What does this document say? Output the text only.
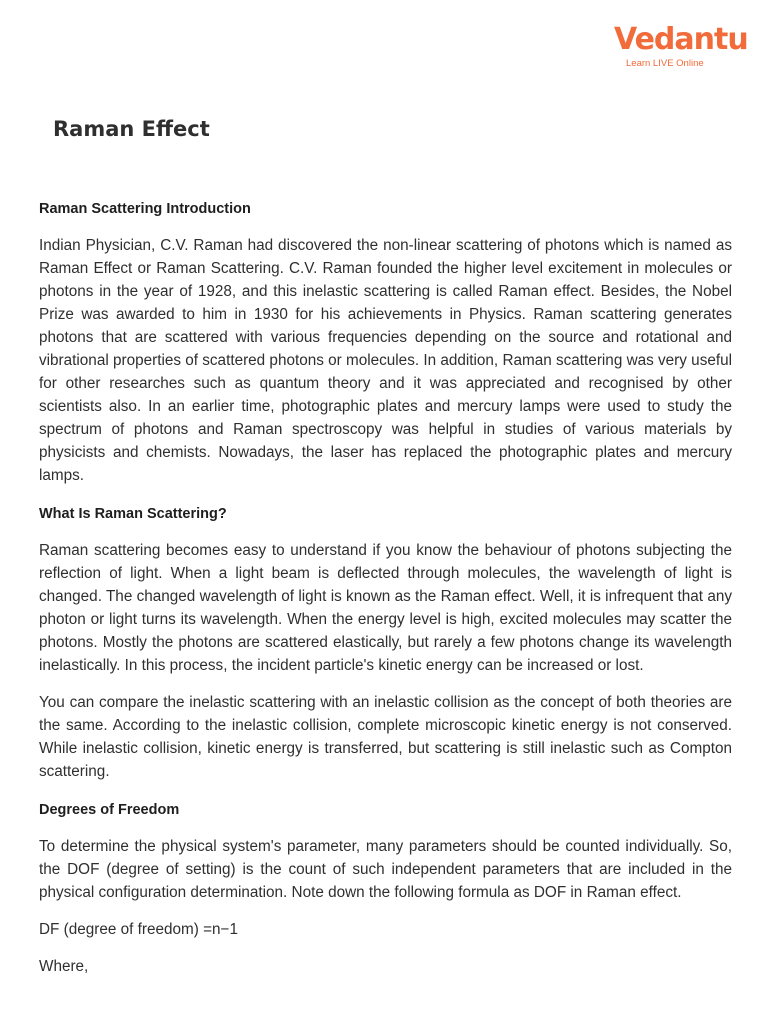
Vedantu
Learn LIVE Online
Raman Effect
Raman Scattering Introduction

Indian Physician, C.V. Raman had discovered the non-linear scattering of photons which is named as Raman Effect or Raman Scattering. C.V. Raman founded the higher level excitement in molecules or photons in the year of 1928, and this inelastic scattering is called Raman effect. Besides, the Nobel Prize was awarded to him in 1930 for his achievements in Physics. Raman scattering generates photons that are scattered with various frequencies depending on the source and rotational and vibrational properties of scattered photons or molecules. In addition, Raman scattering was very useful for other researches such as quantum theory and it was appreciated and recognised by other scientists also. In an earlier time, photographic plates and mercury lamps were used to study the spectrum of photons and Raman spectroscopy was helpful in studies of various materials by physicists and chemists. Nowadays, the laser has replaced the photographic plates and mercury lamps.

What Is Raman Scattering?

Raman scattering becomes easy to understand if you know the behaviour of photons subjecting the reflection of light. When a light beam is deflected through molecules, the wavelength of light is changed. The changed wavelength of light is known as the Raman effect. Well, it is infrequent that any photon or light turns its wavelength. When the energy level is high, excited molecules may scatter the photons. Mostly the photons are scattered elastically, but rarely a few photons change its wavelength inelastically. In this process, the incident particle's kinetic energy can be increased or lost.

You can compare the inelastic scattering with an inelastic collision as the concept of both theories are the same. According to the inelastic collision, complete microscopic kinetic energy is not conserved. While inelastic collision, kinetic energy is transferred, but scattering is still inelastic such as Compton scattering.

Degrees of Freedom

To determine the physical system's parameter, many parameters should be counted individually. So, the DOF (degree of setting) is the count of such independent parameters that are included in the physical configuration determination. Note down the following formula as DOF in Raman effect.

DF (degree of freedom) =n−1

Where,
